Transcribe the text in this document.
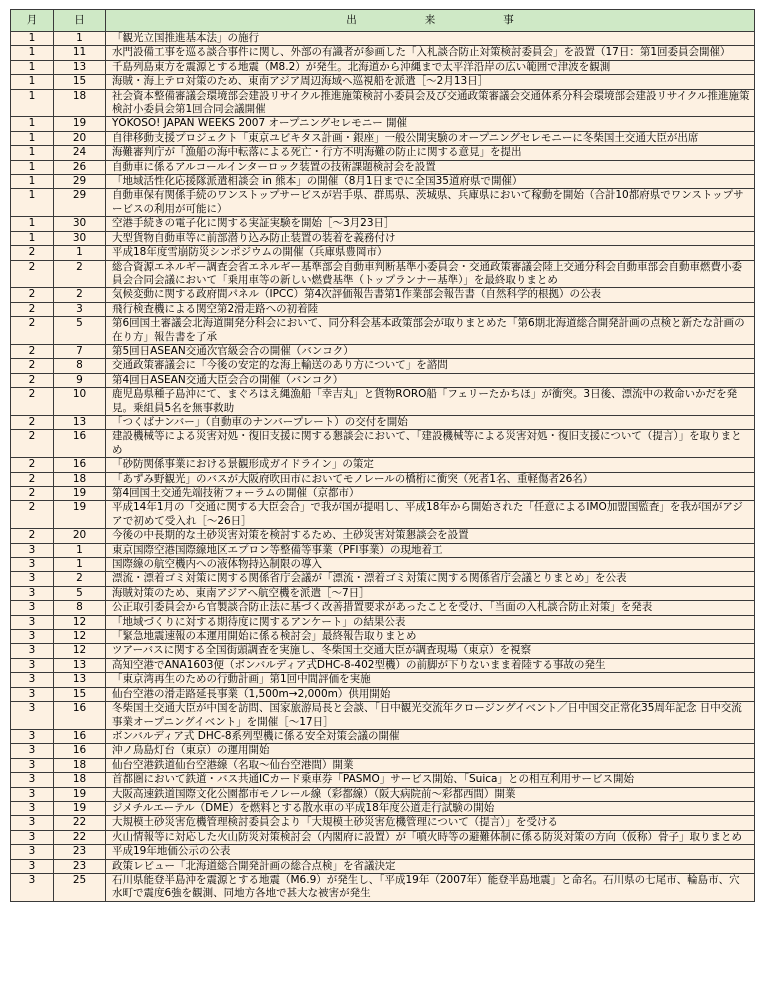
月	日	出来事
1	1	「観光立国推進基本法」の施行
1	11	水門設備工事を巡る談合事件に関し、外部の有識者が参画した「入札談合防止対策検討委員会」を設置（17日：第1回委員会開催）
1	13	千島列島東方を震源とする地震（M8.2）が発生。北海道から沖縄まで太平洋沿岸の広い範囲で津波を観測
1	15	海賊・海上テロ対策のため、東南アジア周辺海域へ巡視船を派遣［～2月13日］
1	18	社会資本整備審議会環境部会建設リサイクル推進施策検討小委員会及び交通政策審議会交通体系分科会環境部会建設リサイクル推進施策検討小委員会第1回合同会議開催
1	19	YŌKOSO! JAPAN WEEKS 2007 オープニングセレモニー 開催
1	20	自律移動支援プロジェクト「東京ユビキタス計画・銀座」一般公開実験のオープニングセレモニーに冬柴国土交通大臣が出席
1	24	海難審判庁が「漁船の海中転落による死亡・行方不明海難の防止に関する意見」を提出
1	26	自動車に係るアルコールインターロック装置の技術課題検討会を設置
1	29	「地域活性化応援隊派遣相談会 in 熊本」の開催（8月1日までに全国35道府県で開催）
1	29	自動車保有関係手続のワンストップサービスが岩手県、群馬県、茨城県、兵庫県において稼動を開始（合計10都府県でワンストップサービスの利用が可能に）
1	30	空港手続きの電子化に関する実証実験を開始［～3月23日］
1	30	大型貨物自動車等に前部潜り込み防止装置の装着を義務付け
2	1	平成18年度雪崩防災シンポジウムの開催（兵庫県豊岡市）
2	2	総合資源エネルギー調査会省エネルギー基準部会自動車判断基準小委員会・交通政策審議会陸上交通分科会自動車部会自動車燃費小委員会合同会議において「乗用車等の新しい燃費基準（トップランナー基準）」を最終取りまとめ
2	2	気候変動に関する政府間パネル（IPCC）第4次評価報告書第1作業部会報告書（自然科学的根拠）の公表
2	3	飛行検査機による関空第2滑走路への初着陸
2	5	第6回国土審議会北海道開発分科会において、同分科会基本政策部会が取りまとめた「第6期北海道総合開発計画の点検と新たな計画の在り方」報告書を了承
2	7	第5回日ASEAN交通次官級会合の開催（バンコク）
2	8	交通政策審議会に「今後の安定的な海上輸送のあり方について」を諮問
2	9	第4回日ASEAN交通大臣会合の開催（バンコク）
2	10	鹿児島県種子島沖にて、まぐろはえ縄漁船「幸吉丸」と貨物RORO船「フェリーたかちほ」が衝突。3日後、漂流中の救命いかだを発見。乗組員5名を無事救助
2	13	「つくばナンバー」（自動車のナンバープレート）の交付を開始
2	16	建設機械等による災害対処・復旧支援に関する懇談会において、「建設機械等による災害対処・復旧支援について（提言）」を取りまとめ
2	16	「砂防関係事業における景観形成ガイドライン」の策定
2	18	「あずみ野観光」のバスが大阪府吹田市においてモノレールの橋桁に衝突（死者1名、重軽傷者26名）
2	19	第4回国土交通先端技術フォーラムの開催（京都市）
2	19	平成14年1月の「交通に関する大臣会合」で我が国が提唱し、平成18年から開始された「任意によるIMO加盟国監査」を我が国がアジアで初めて受入れ［～26日］
2	20	今後の中長期的な土砂災害対策を検討するため、土砂災害対策懇談会を設置
3	1	東京国際空港国際線地区エプロン等整備等事業（PFI事業）の現地着工
3	1	国際線の航空機内への液体物持込制限の導入
3	2	漂流・漂着ゴミ対策に関する関係省庁会議が「漂流・漂着ゴミ対策に関する関係省庁会議とりまとめ」を公表
3	5	海賊対策のため、東南アジアへ航空機を派遣［～7日］
3	8	公正取引委員会から官製談合防止法に基づく改善措置要求があったことを受け、「当面の入札談合防止対策」を発表
3	12	「地域づくりに対する期待度に関するアンケート」の結果公表
3	12	「緊急地震速報の本運用開始に係る検討会」最終報告取りまとめ
3	12	ツアーバスに関する全国街頭調査を実施し、冬柴国土交通大臣が調査現場（東京）を視察
3	13	高知空港でANA1603便（ボンバルディア式DHC-8-402型機）の前脚が下りないまま着陸する事故の発生
3	13	「東京湾再生のための行動計画」第1回中間評価を実施
3	15	仙台空港の滑走路延長事業（1,500m→2,000m）供用開始
3	16	冬柴国土交通大臣が中国を訪問、国家旅游局長と会談、「日中観光交流年クロージングイベント／日中国交正常化35周年記念 日中交流事業オープニングイベント」を開催［～17日］
3	16	ボンバルディア式 DHC-8系列型機に係る安全対策会議の開催
3	16	沖ノ鳥島灯台（東京）の運用開始
3	18	仙台空港鉄道仙台空港線（名取～仙台空港間）開業
3	18	首都圏において鉄道・バス共通ICカード乗車券「PASMO」サービス開始、「Suica」との相互利用サービス開始
3	19	大阪高速鉄道国際文化公園都市モノレール線（彩都線）（阪大病院前～彩都西間）開業
3	19	ジメチルエーテル（DME）を燃料とする散水車の平成18年度公道走行試験の開始
3	22	大規模土砂災害危機管理検討委員会より「大規模土砂災害危機管理について（提言）」を受ける
3	22	火山情報等に対応した火山防災対策検討会（内閣府に設置）が「噴火時等の避難体制に係る防災対策の方向（仮称）骨子」取りまとめ
3	23	平成19年地価公示の公表
3	23	政策レビュー「北海道総合開発計画の総合点検」を省議決定
3	25	石川県能登半島沖を震源とする地震（M6.9）が発生し、「平成19年（2007年）能登半島地震」と命名。石川県の七尾市、輪島市、穴水町で震度6強を観測、同地方各地で甚大な被害が発生
